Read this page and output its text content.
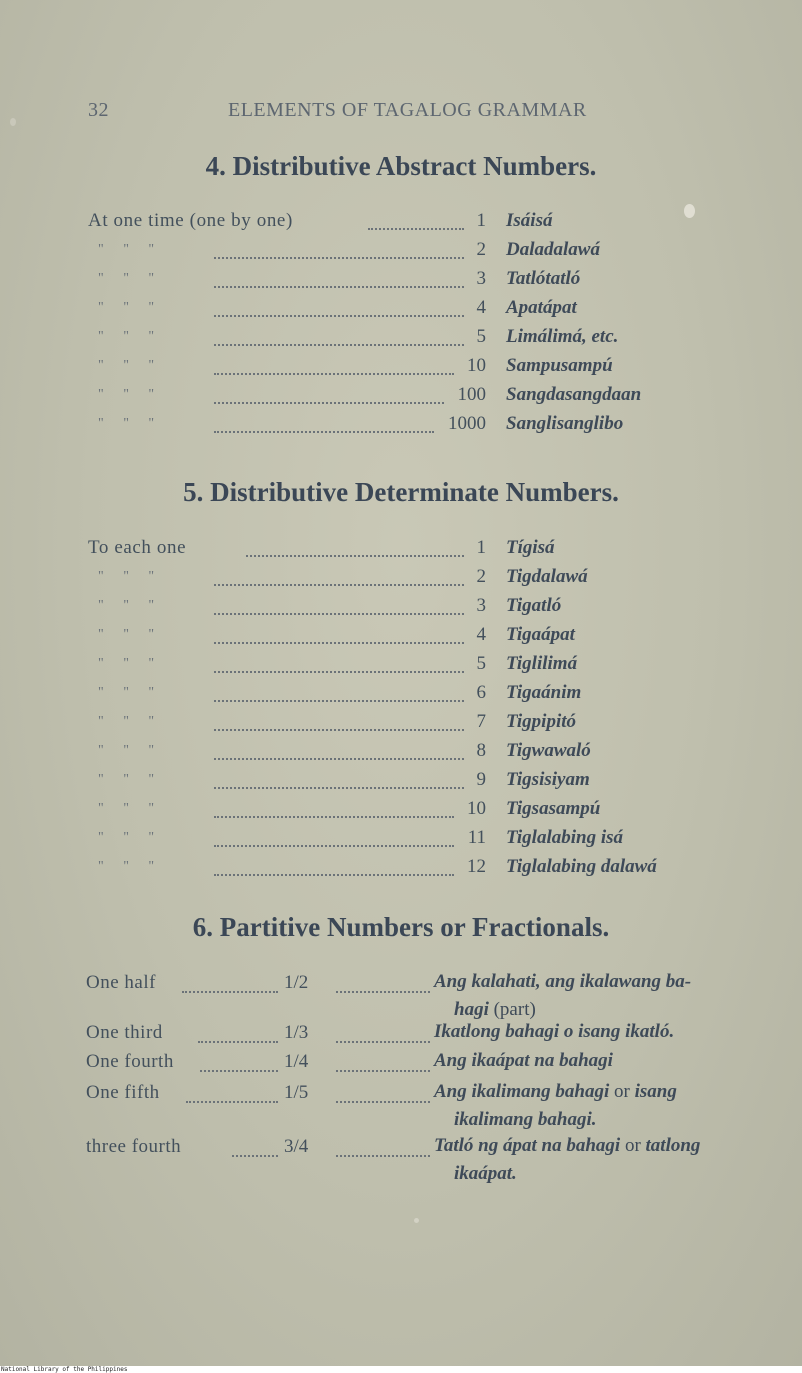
32	ELEMENTS OF TAGALOG GRAMMAR
4. Distributive Abstract Numbers.
At one time (one by one)	1 Isáisá
" " "	2 Daladalawá
" " "	3 Tatlótatló
" " "	4 Apatápat
" " "	5 Limálimá, etc.
" " "	10 Sampusampú
" " "	100 Sangdasangdaan
" " "	1000 Sanglisanglibo
5. Distributive Determinate Numbers.
To each one	1 Tígisá
" " "	2 Tigdalawá
" " "	3 Tigatló
" " "	4 Tigaápat
" " "	5 Tiglilimá
" " "	6 Tigaánim
" " "	7 Tigpipitó
" " "	8 Tigwawaló
" " "	9 Tigsisiyam
" " "	10 Tigsasampú
" " "	11 Tiglalabing isá
" " "	12 Tiglalabing dalawá
6. Partitive Numbers or Fractionals.
One half	1/2	Ang kalahati, ang ikalawang ba-
hagi (part)
One third	1/3	Ikatlong bahagi o isang ikatló.
One fourth	1/4	Ang ikaápat na bahagi
One fifth	1/5	Ang ikalimang bahagi or isang
ikalimang bahagi.
three fourth	3/4	Tatló ng ápat na bahagi or tatlong
ikaápat.
National Library of the Philippines
